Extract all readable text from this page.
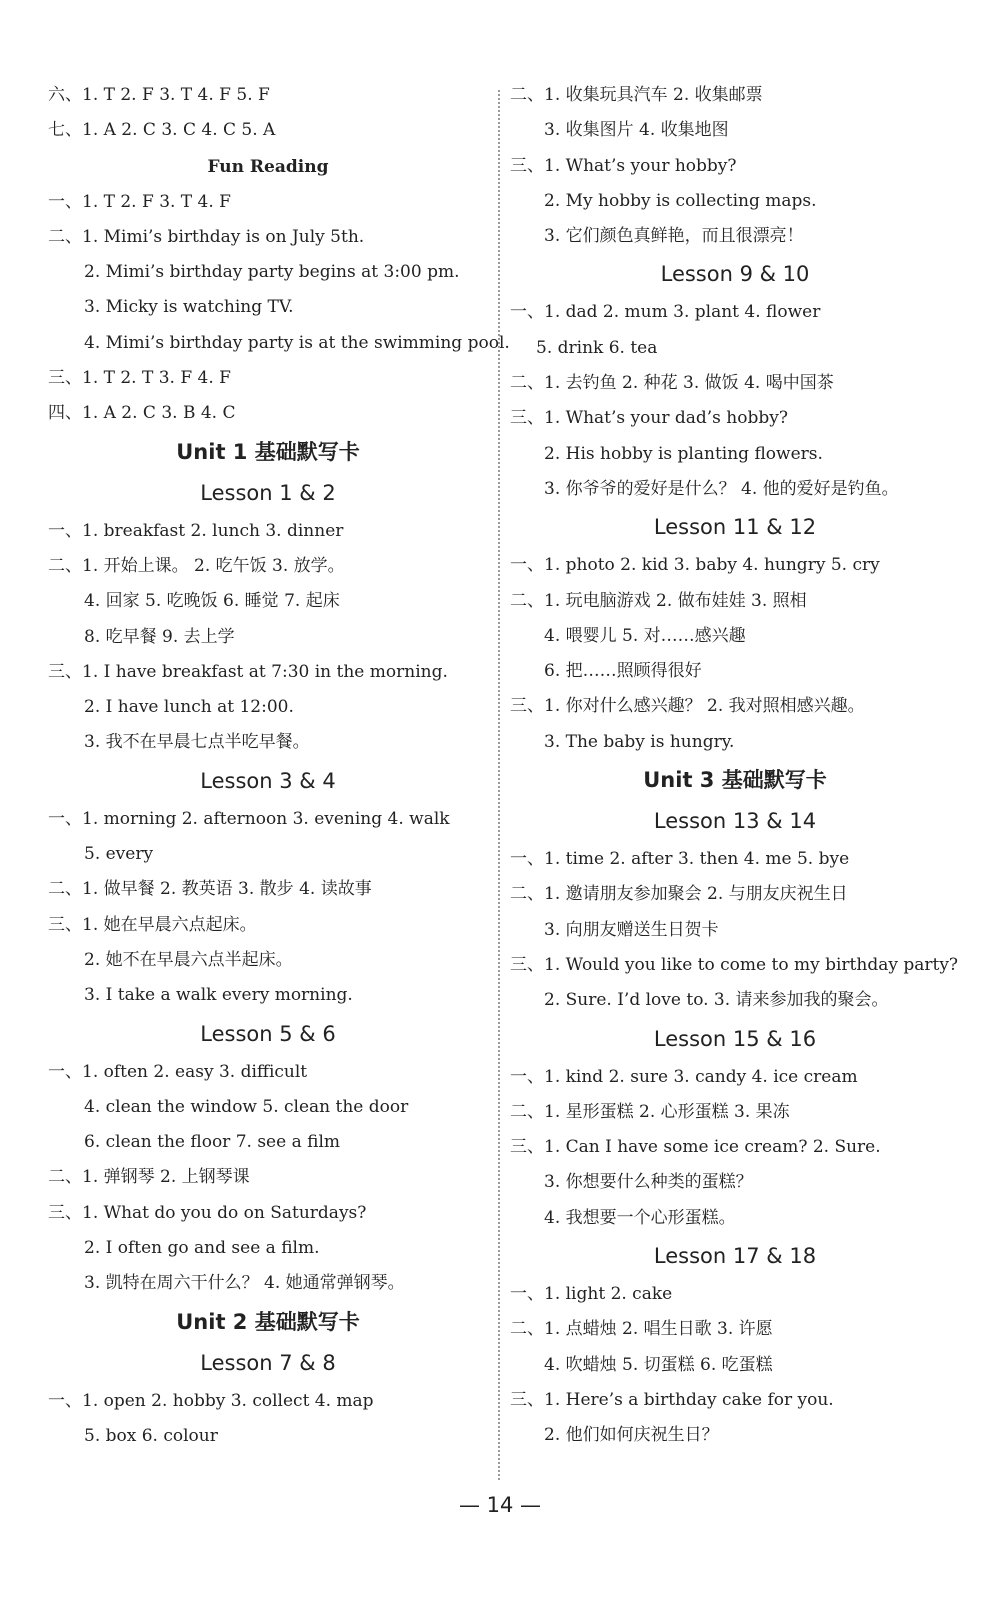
六、1. T 2. F 3. T 4. F 5. F
七、1. A 2. C 3. C 4. C 5. A
Fun Reading
一、1. T 2. F 3. T 4. F
二、1. Mimi’s birthday is on July 5th.
2. Mimi’s birthday party begins at 3:00 pm.
3. Micky is watching TV.
4. Mimi’s birthday party is at the swimming pool.
三、1. T 2. T 3. F 4. F
四、1. A 2. C 3. B 4. C
Unit 1 基础默写卡
Lesson 1 & 2
一、1. breakfast 2. lunch 3. dinner
二、1. 开始上课。 2. 吃午饭 3. 放学。
4. 回家 5. 吃晚饭 6. 睡觉 7. 起床
8. 吃早餐 9. 去上学
三、1. I have breakfast at 7:30 in the morning.
2. I have lunch at 12:00.
3. 我不在早晨七点半吃早餐。
Lesson 3 & 4
一、1. morning 2. afternoon 3. evening 4. walk
5. every
二、1. 做早餐 2. 教英语 3. 散步 4. 读故事
三、1. 她在早晨六点起床。
2. 她不在早晨六点半起床。
3. I take a walk every morning.
Lesson 5 & 6
一、1. often 2. easy 3. difficult
4. clean the window 5. clean the door
6. clean the floor 7. see a film
二、1. 弹钢琴 2. 上钢琴课
三、1. What do you do on Saturdays?
2. I often go and see a film.
3. 凯特在周六干什么？ 4. 她通常弹钢琴。
Unit 2 基础默写卡
Lesson 7 & 8
一、1. open 2. hobby 3. collect 4. map
5. box 6. colour
二、1. 收集玩具汽车 2. 收集邮票
3. 收集图片 4. 收集地图
三、1. What’s your hobby?
2. My hobby is collecting maps.
3. 它们颜色真鲜艳，而且很漂亮！
Lesson 9 & 10
一、1. dad 2. mum 3. plant 4. flower
5. drink 6. tea
二、1. 去钓鱼 2. 种花 3. 做饭 4. 喝中国茶
三、1. What’s your dad’s hobby?
2. His hobby is planting flowers.
3. 你爷爷的爱好是什么？ 4. 他的爱好是钓鱼。
Lesson 11 & 12
一、1. photo 2. kid 3. baby 4. hungry 5. cry
二、1. 玩电脑游戏 2. 做布娃娃 3. 照相
4. 喂婴儿 5. 对……感兴趣
6. 把……照顾得很好
三、1. 你对什么感兴趣？ 2. 我对照相感兴趣。
3. The baby is hungry.
Unit 3 基础默写卡
Lesson 13 & 14
一、1. time 2. after 3. then 4. me 5. bye
二、1. 邀请朋友参加聚会 2. 与朋友庆祝生日
3. 向朋友赠送生日贺卡
三、1. Would you like to come to my birthday party?
2. Sure. I’d love to. 3. 请来参加我的聚会。
Lesson 15 & 16
一、1. kind 2. sure 3. candy 4. ice cream
二、1. 星形蛋糕 2. 心形蛋糕 3. 果冻
三、1. Can I have some ice cream? 2. Sure.
3. 你想要什么种类的蛋糕？
4. 我想要一个心形蛋糕。
Lesson 17 & 18
一、1. light 2. cake
二、1. 点蜡烛 2. 唱生日歌 3. 许愿
4. 吹蜡烛 5. 切蛋糕 6. 吃蛋糕
三、1. Here’s a birthday cake for you.
2. 他们如何庆祝生日？
— 14 —
